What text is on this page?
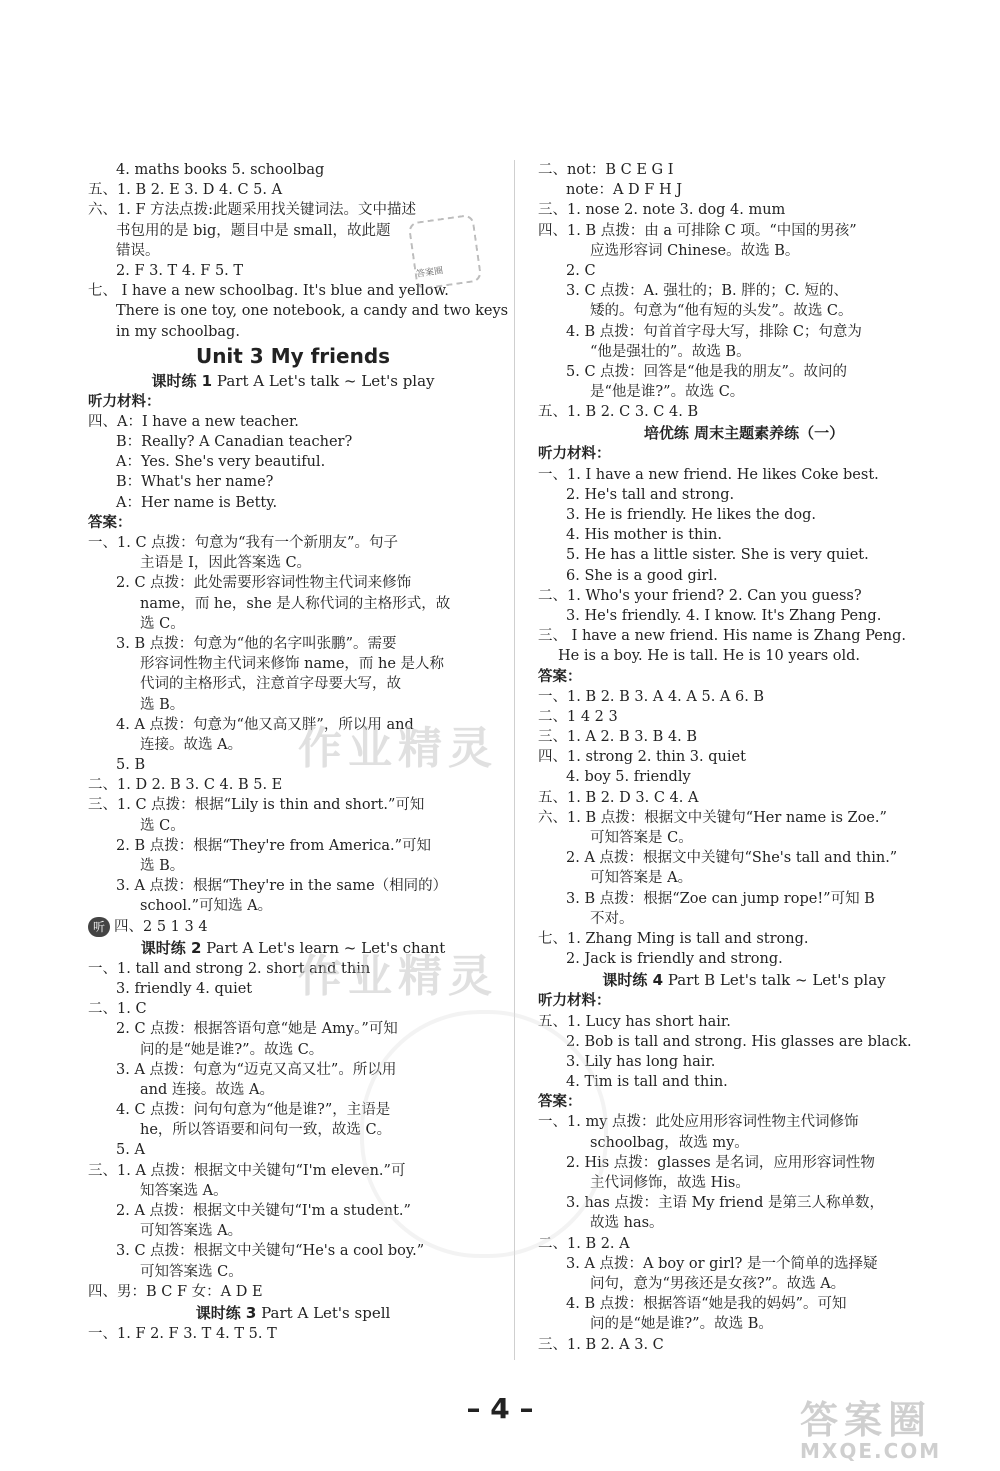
4. maths books 5. schoolbag
五、1. B 2. E 3. D 4. C 5. A
六、1. F 方法点拨:此题采用找关键词法。文中描述
书包用的是 big，题目中是 small，故此题
错误。
2. F 3. T 4. F 5. T
七、 I have a new schoolbag. It's blue and yellow.
There is one toy, one notebook, a candy and two keys
in my schoolbag.
Unit 3 My friends
课时练 1 Part A Let's talk ~ Let's play
听力材料：
四、A：I have a new teacher.
B：Really? A Canadian teacher?
A：Yes. She's very beautiful.
B：What's her name?
A：Her name is Betty.
答案：
一、1. C 点拨：句意为“我有一个新朋友”。句子
主语是 I，因此答案选 C。
2. C 点拨：此处需要形容词性物主代词来修饰
name，而 he，she 是人称代词的主格形式，故
选 C。
3. B 点拨：句意为“他的名字叫张鹏”。需要
形容词性物主代词来修饰 name，而 he 是人称
代词的主格形式，注意首字母要大写，故
选 B。
4. A 点拨：句意为“他又高又胖”，所以用 and
连接。故选 A。
5. B
二、1. D 2. B 3. C 4. B 5. E
三、1. C 点拨：根据“Lily is thin and short.”可知
选 C。
2. B 点拨：根据“They're from America.”可知
选 B。
3. A 点拨：根据“They're in the same（相同的）
school.”可知选 A。
听 四、2 5 1 3 4
课时练 2 Part A Let's learn ~ Let's chant
一、1. tall and strong 2. short and thin
3. friendly 4. quiet
二、1. C
2. C 点拨：根据答语句意“她是 Amy。”可知
问的是“她是谁?”。故选 C。
3. A 点拨：句意为“迈克又高又壮”。所以用
and 连接。故选 A。
4. C 点拨：问句句意为“他是谁?”，主语是
he，所以答语要和问句一致，故选 C。
5. A
三、1. A 点拨：根据文中关键句“I'm eleven.”可
知答案选 A。
2. A 点拨：根据文中关键句“I'm a student.”
可知答案选 A。
3. C 点拨：根据文中关键句“He's a cool boy.”
可知答案选 C。
四、男：B C F 女：A D E
课时练 3 Part A Let's spell
一、1. F 2. F 3. T 4. T 5. T
二、not：B C E G I
note：A D F H J
三、1. nose 2. note 3. dog 4. mum
四、1. B 点拨：由 a 可排除 C 项。“中国的男孩”
应选形容词 Chinese。故选 B。
2. C
3. C 点拨：A. 强壮的；B. 胖的；C. 短的、
矮的。句意为“他有短的头发”。故选 C。
4. B 点拨：句首首字母大写，排除 C；句意为
“他是强壮的”。故选 B。
5. C 点拨：回答是“他是我的朋友”。故问的
是“他是谁?”。故选 C。
五、1. B 2. C 3. C 4. B
培优练 周末主题素养练（一）
听力材料：
一、1. I have a new friend. He likes Coke best.
2. He's tall and strong.
3. He is friendly. He likes the dog.
4. His mother is thin.
5. He has a little sister. She is very quiet.
6. She is a good girl.
二、1. Who's your friend? 2. Can you guess?
3. He's friendly. 4. I know. It's Zhang Peng.
三、 I have a new friend. His name is Zhang Peng.
He is a boy. He is tall. He is 10 years old.
答案：
一、1. B 2. B 3. A 4. A 5. A 6. B
二、1 4 2 3
三、1. A 2. B 3. B 4. B
四、1. strong 2. thin 3. quiet
4. boy 5. friendly
五、1. B 2. D 3. C 4. A
六、1. B 点拨：根据文中关键句“Her name is Zoe.”
可知答案是 C。
2. A 点拨：根据文中关键句“She's tall and thin.”
可知答案是 A。
3. B 点拨：根据“Zoe can jump rope!”可知 B
不对。
七、1. Zhang Ming is tall and strong.
2. Jack is friendly and strong.
课时练 4 Part B Let's talk ~ Let's play
听力材料：
五、1. Lucy has short hair.
2. Bob is tall and strong. His glasses are black.
3. Lily has long hair.
4. Tim is tall and thin.
答案：
一、1. my 点拨：此处应用形容词性物主代词修饰
schoolbag，故选 my。
2. His 点拨：glasses 是名词，应用形容词性物
主代词修饰，故选 His。
3. has 点拨：主语 My friend 是第三人称单数，
故选 has。
二、1. B 2. A
3. A 点拨：A boy or girl? 是一个简单的选择疑
问句，意为“男孩还是女孩?”。故选 A。
4. B 点拨：根据答语“她是我的妈妈”。可知
问的是“她是谁?”。故选 B。
三、1. B 2. A 3. C
答案圈
作业精灵
作业精灵
– 4 –	答案圈
MXQE.COM
